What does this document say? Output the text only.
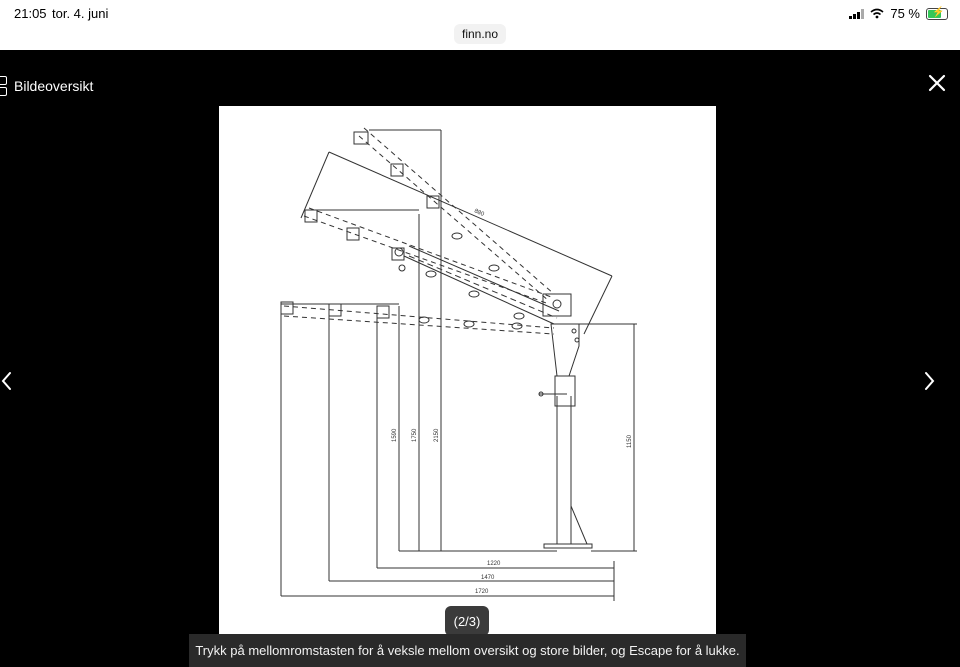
21:05 tor. 4. juni	75 % ⚡
finn.no
Bildeoversikt
1220
1470
1720
1150
1590 1750	2150
880
(2/3)
Trykk på mellomromstasten for å veksle mellom oversikt og store bilder, og Escape for å lukke.
